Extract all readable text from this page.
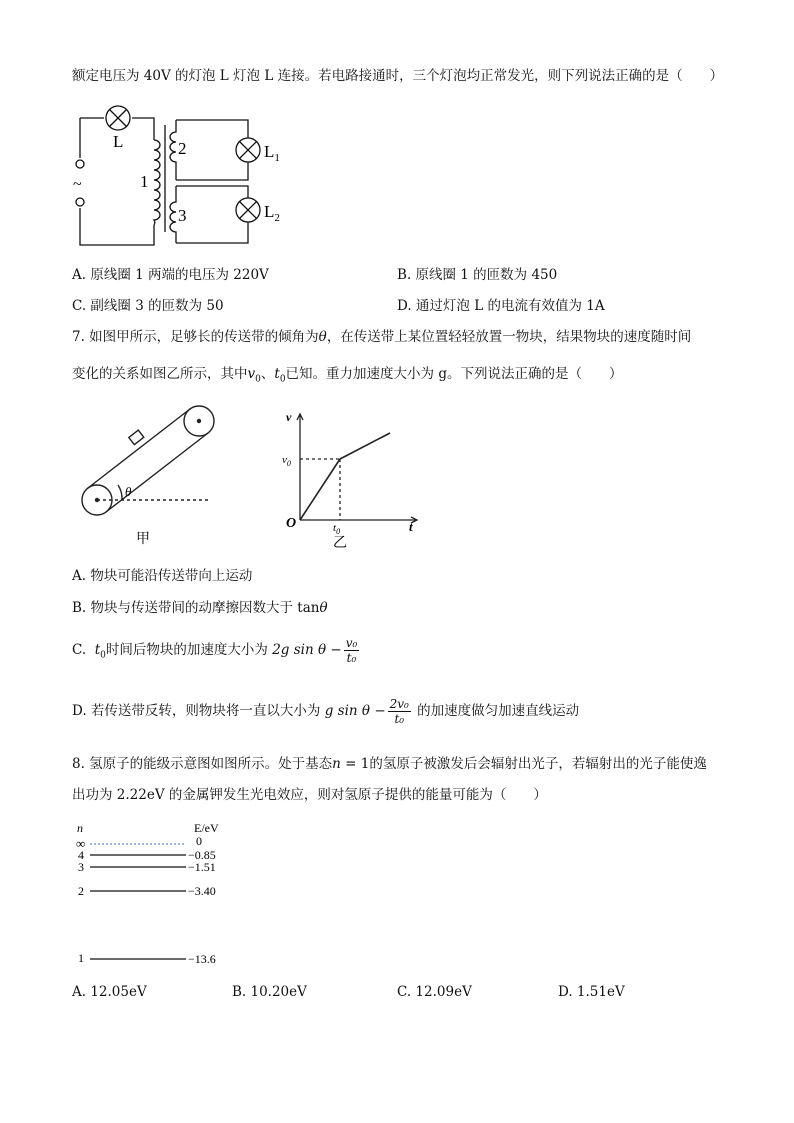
额定电压为 40V 的灯泡 L 灯泡 L 连接。若电路接通时，三个灯泡均正常发光，则下列说法正确的是（　　）
L
~	1
2
3
$L_1$
$L_2$
A. 原线圈 1 两端的电压为 220V	B. 原线圈 1 的匝数为 450
C. 副线圈 3 的匝数为 50	D. 通过灯泡 L 的电流有效值为 1A
7. 如图甲所示，足够长的传送带的倾角为θ，在传送带上某位置轻轻放置一物块，结果物块的速度随时间
变化的关系如图乙所示，其中$v_0$、$t_0$已知。重力加速度大小为 g。下列说法正确的是（　　）
θ
甲
v
$v_0$
O	$t_0$	t
乙
A. 物块可能沿传送带向上运动
B. 物块与传送带间的动摩擦因数大于 tanθ
C. $t_0$时间后物块的加速度大小为 2g $\sin \theta - \frac{\text{v₀}}{\text{t₀}}$
D. 若传送带反转，则物块将一直以大小为 g $\sin \theta - \frac{\text{2v₀}}{\text{t₀}}$ 的加速度做匀加速直线运动
8. 氢原子的能级示意图如图所示。处于基态n = 1的氢原子被激发后会辐射出光子，若辐射出的光子能使逸
出功为 2.22eV 的金属钾发生光电效应，则对氢原子提供的能量可能为（　　）
n	E/eV
∞	0
4	−0.85
3	−1.51
2	−3.40
1	−13.6
A. 12.05eV	B. 10.20eV	C. 12.09eV	D. 1.51eV
